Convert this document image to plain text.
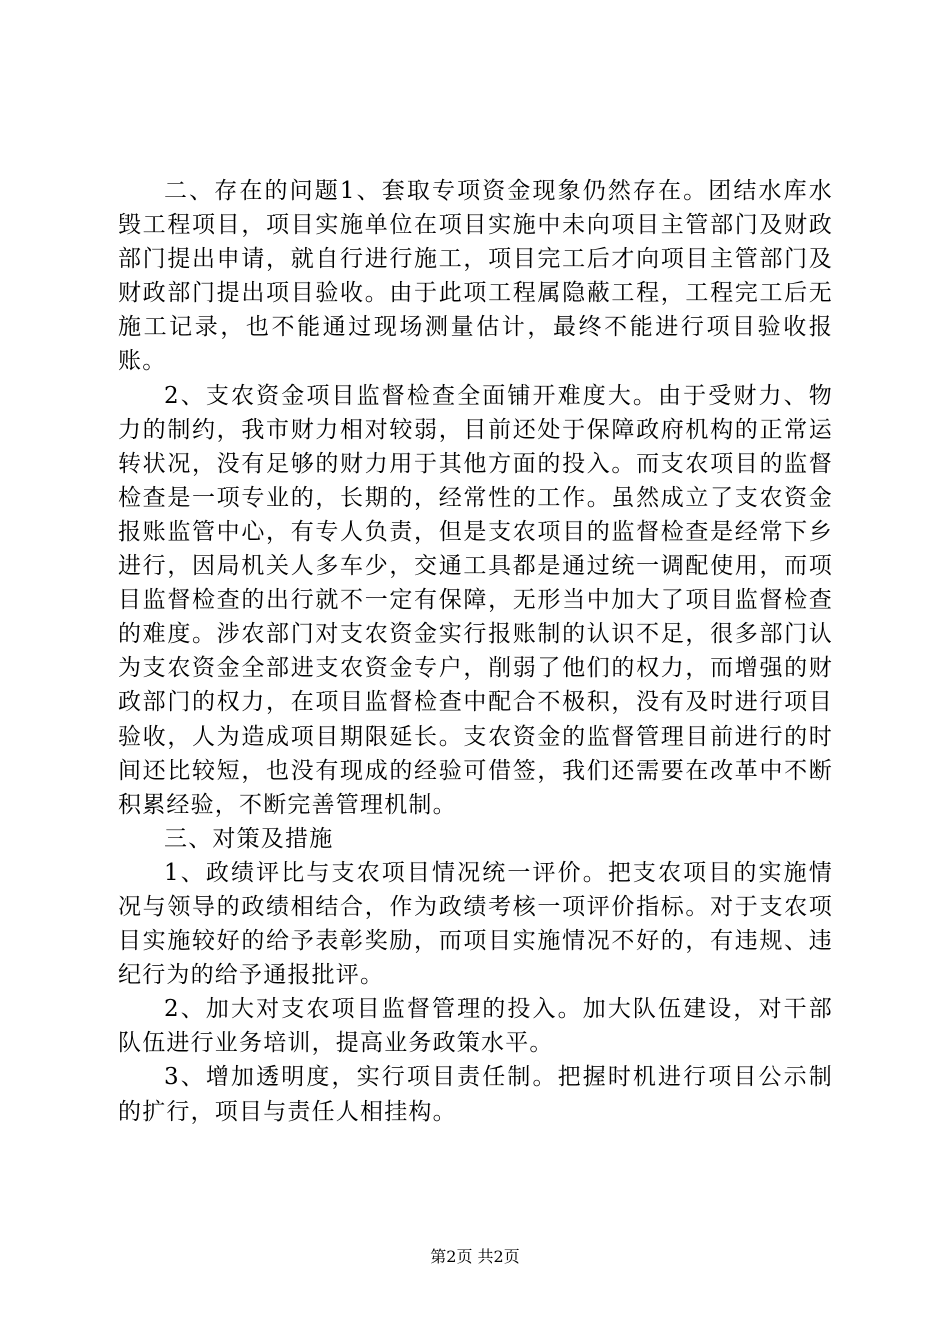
二、存在的问题1、套取专项资金现象仍然存在。团结水库水毁工程项目，项目实施单位在项目实施中未向项目主管部门及财政部门提出申请，就自行进行施工，项目完工后才向项目主管部门及财政部门提出项目验收。由于此项工程属隐蔽工程，工程完工后无施工记录，也不能通过现场测量估计，最终不能进行项目验收报账。

2、支农资金项目监督检查全面铺开难度大。由于受财力、物力的制约，我市财力相对较弱，目前还处于保障政府机构的正常运转状况，没有足够的财力用于其他方面的投入。而支农项目的监督检查是一项专业的，长期的，经常性的工作。虽然成立了支农资金报账监管中心，有专人负责，但是支农项目的监督检查是经常下乡进行，因局机关人多车少，交通工具都是通过统一调配使用，而项目监督检查的出行就不一定有保障，无形当中加大了项目监督检查的难度。涉农部门对支农资金实行报账制的认识不足，很多部门认为支农资金全部进支农资金专户，削弱了他们的权力，而增强的财政部门的权力，在项目监督检查中配合不极积，没有及时进行项目验收，人为造成项目期限延长。支农资金的监督管理目前进行的时间还比较短，也没有现成的经验可借签，我们还需要在改革中不断积累经验，不断完善管理机制。

三、对策及措施

1、政绩评比与支农项目情况统一评价。把支农项目的实施情况与领导的政绩相结合，作为政绩考核一项评价指标。对于支农项目实施较好的给予表彰奖励，而项目实施情况不好的，有违规、违纪行为的给予通报批评。

2、加大对支农项目监督管理的投入。加大队伍建设，对干部队伍进行业务培训，提高业务政策水平。

3、增加透明度，实行项目责任制。把握时机进行项目公示制的扩行，项目与责任人相挂构。

第2页 共2页
